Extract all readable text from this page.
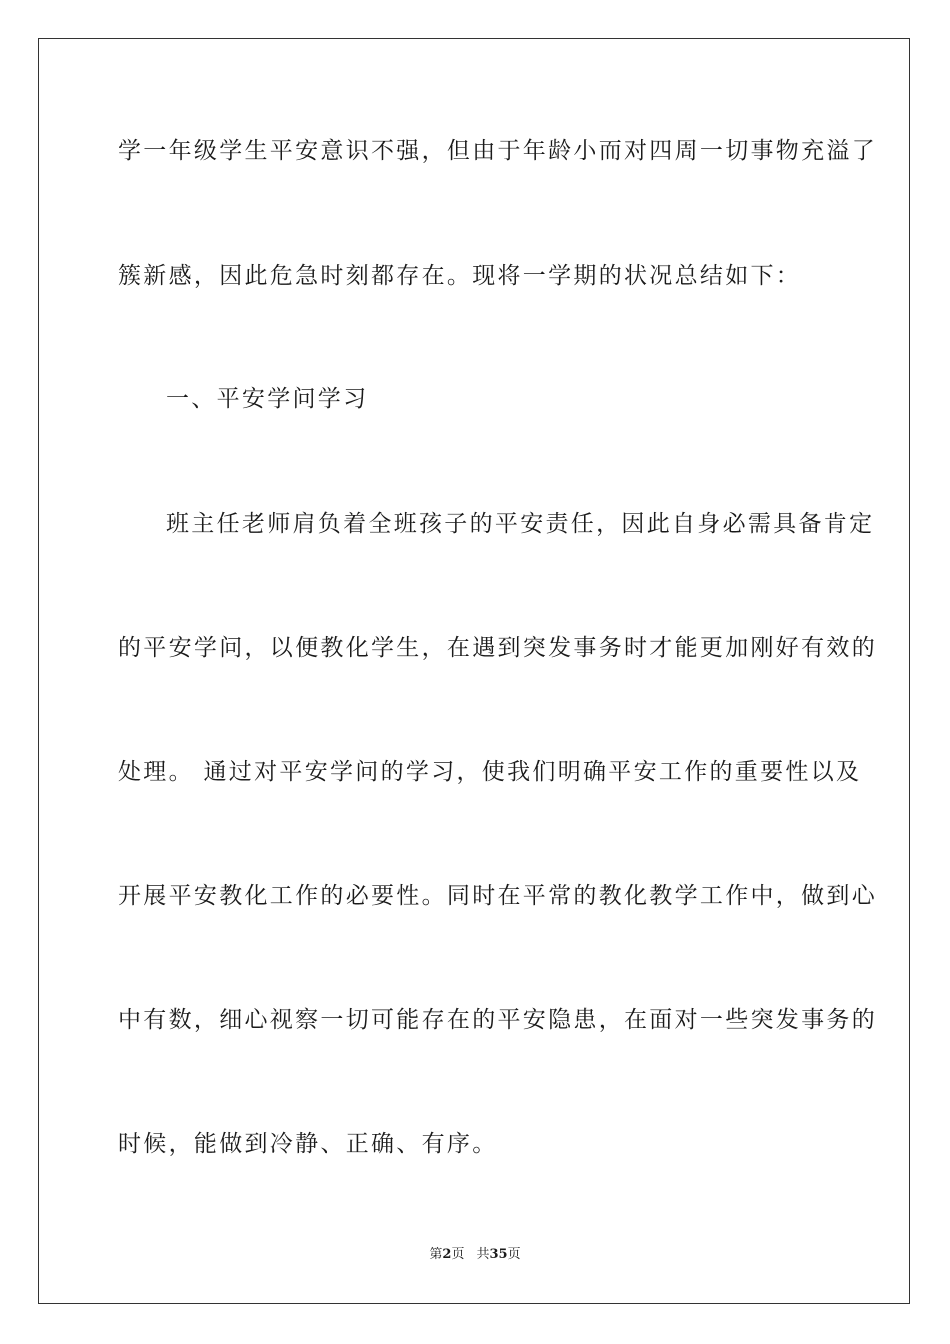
学一年级学生平安意识不强，但由于年龄小而对四周一切事物充溢了
簇新感，因此危急时刻都存在。现将一学期的状况总结如下：
一、平安学问学习
班主任老师肩负着全班孩子的平安责任，因此自身必需具备肯定
的平安学问，以便教化学生，在遇到突发事务时才能更加刚好有效的
处理。 通过对平安学问的学习，使我们明确平安工作的重要性以及
开展平安教化工作的必要性。同时在平常的教化教学工作中，做到心
中有数，细心视察一切可能存在的平安隐患，在面对一些突发事务的
时候，能做到冷静、正确、有序。
第2页 共35页
